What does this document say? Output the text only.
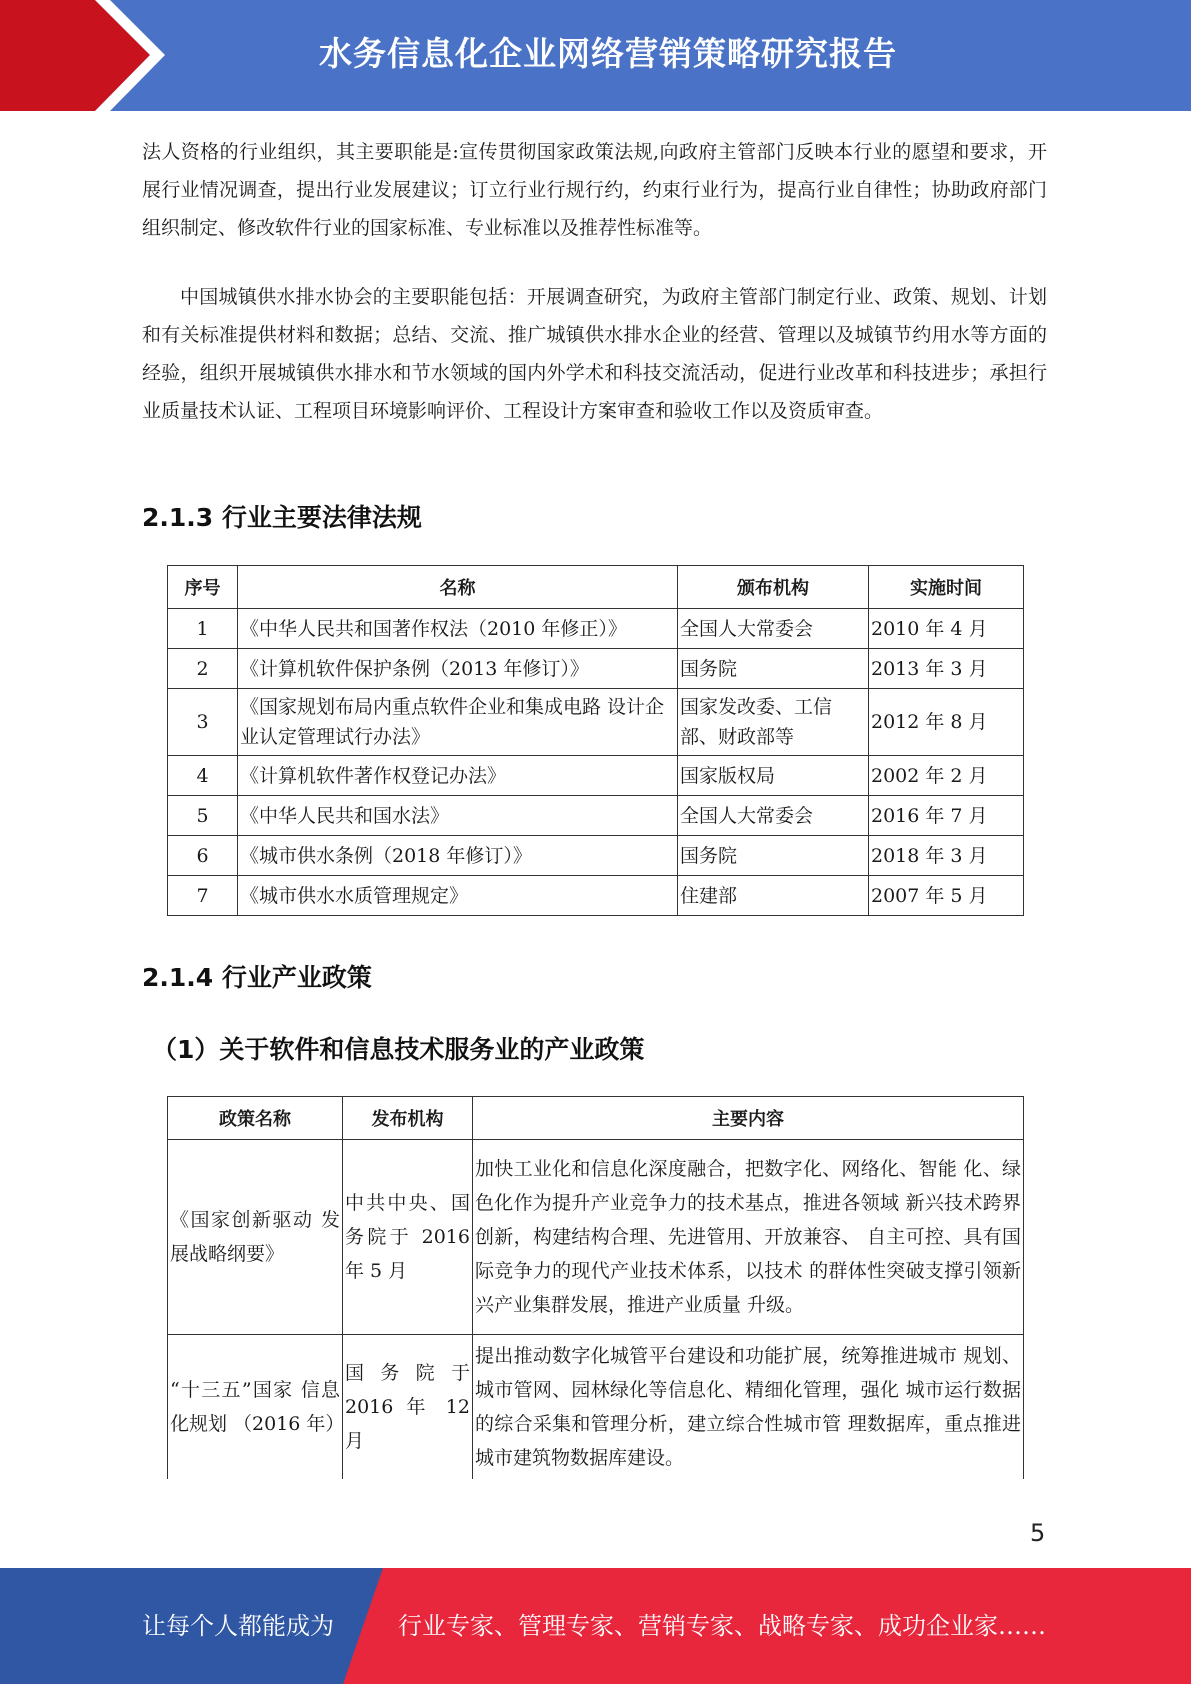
水务信息化企业网络营销策略研究报告

法人资格的行业组织，其主要职能是:宣传贯彻国家政策法规,向政府主管部门反映本行业的愿望和要求，开展行业情况调查，提出行业发展建议；订立行业行规行约，约束行业行为，提高行业自律性；协助政府部门组织制定、修改软件行业的国家标准、专业标准以及推荐性标准等。

中国城镇供水排水协会的主要职能包括：开展调查研究，为政府主管部门制定行业、政策、规划、计划和有关标准提供材料和数据；总结、交流、推广城镇供水排水企业的经营、管理以及城镇节约用水等方面的经验，组织开展城镇供水排水和节水领域的国内外学术和科技交流活动，促进行业改革和科技进步；承担行业质量技术认证、工程项目环境影响评价、工程设计方案审查和验收工作以及资质审查。

2.1.3 行业主要法律法规
序号	名称	颁布机构	实施时间
1	《中华人民共和国著作权法（2010 年修正）》	全国人大常委会	2010 年 4 月
2	《计算机软件保护条例（2013 年修订）》	国务院	2013 年 3 月
3	《国家规划布局内重点软件企业和集成电路 设计企业认定管理试行办法》	国家发改委、工信部、财政部等	2012 年 8 月
4	《计算机软件著作权登记办法》	国家版权局	2002 年 2 月
5	《中华人民共和国水法》	全国人大常委会	2016 年 7 月
6	《城市供水条例（2018 年修订）》	国务院	2018 年 3 月
7	《城市供水水质管理规定》	住建部	2007 年 5 月
2.1.4 行业产业政策
（1）关于软件和信息技术服务业的产业政策
政策名称	发布机构	主要内容
《国家创新驱动 发展战略纲要》	中共中央、国务院于 2016 年 5 月	加快工业化和信息化深度融合，把数字化、网络化、智能 化、绿色化作为提升产业竞争力的技术基点，推进各领域 新兴技术跨界创新，构建结构合理、先进管用、开放兼容、 自主可控、具有国际竞争力的现代产业技术体系，以技术 的群体性突破支撑引领新兴产业集群发展，推进产业质量 升级。
“十三五”国家 信息化规划 （2016 年）	国务院于 2016 年 12 月	提出推动数字化城管平台建设和功能扩展，统筹推进城市 规划、城市管网、园林绿化等信息化、精细化管理，强化 城市运行数据的综合采集和管理分析，建立综合性城市管 理数据库，重点推进城市建筑物数据库建设。
5
让每个人都能成为	行业专家、管理专家、营销专家、战略专家、成功企业家……
